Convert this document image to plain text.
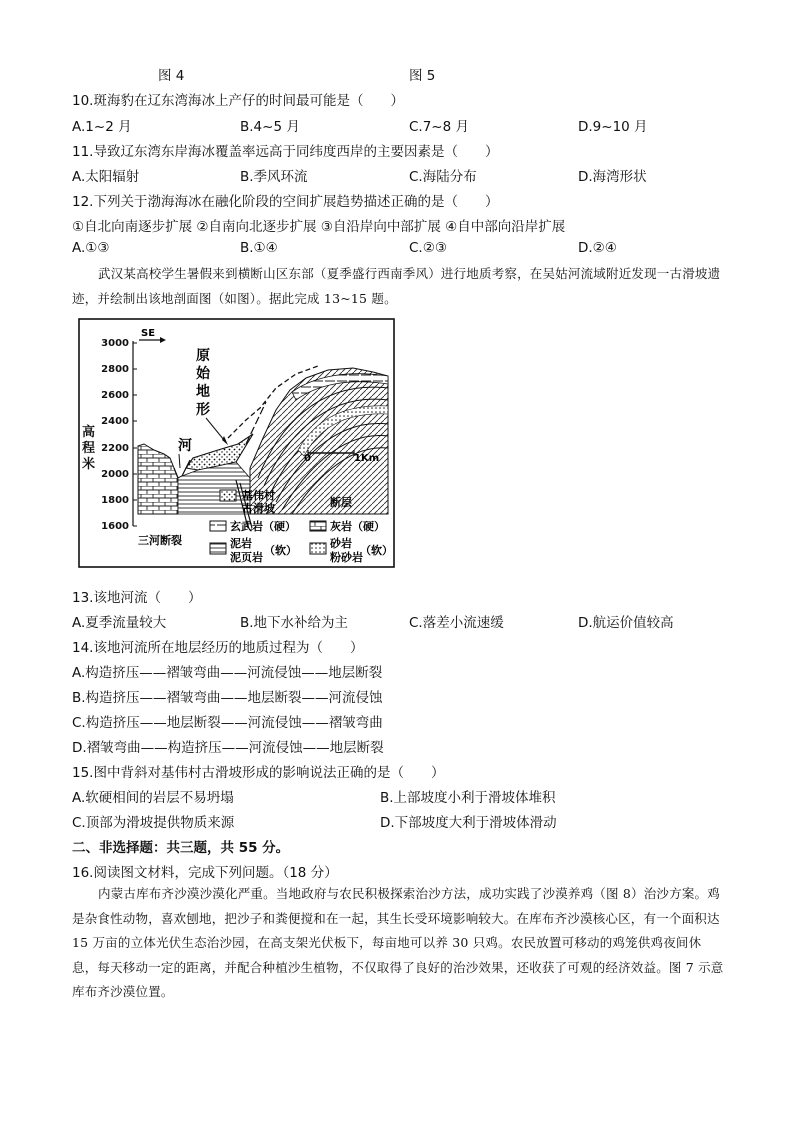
图 4	图 5
10.斑海豹在辽东湾海冰上产仔的时间最可能是（　　）
A.1~2 月	B.4~5 月	C.7~8 月	D.9~10 月
11.导致辽东湾东岸海冰覆盖率远高于同纬度西岸的主要因素是（　　）
A.太阳辐射	B.季风环流	C.海陆分布	D.海湾形状
12.下列关于渤海海冰在融化阶段的空间扩展趋势描述正确的是（　　）
①自北向南逐步扩展 ②自南向北逐步扩展 ③自沿岸向中部扩展 ④自中部向沿岸扩展
A.①③	B.①④	C.②③	D.②④
武汉某高校学生暑假来到横断山区东部（夏季盛行西南季风）进行地质考察，在吴姑河流域附近发现一古滑坡遗迹，并绘制出该地剖面图（如图）。据此完成 13~15 题。
3000
2800
2600
2400
2200
2000
1800
1600
高
程
米
SE
河
原
始
地
形
0	1Km
基伟村
古滑坡	断层
三河断裂
玄武岩（硬）	灰岩（硬）
泥岩
泥页岩
（软）
砂岩
粉砂岩
（软）
13.该地河流（　　）
A.夏季流量较大	B.地下水补给为主	C.落差小流速缓	D.航运价值较高
14.该地河流所在地层经历的地质过程为（　　）
A.构造挤压——褶皱弯曲——河流侵蚀——地层断裂
B.构造挤压——褶皱弯曲——地层断裂——河流侵蚀
C.构造挤压——地层断裂——河流侵蚀——褶皱弯曲
D.褶皱弯曲——构造挤压——河流侵蚀——地层断裂
15.图中背斜对基伟村古滑坡形成的影响说法正确的是（　　）
A.软硬相间的岩层不易坍塌	B.上部坡度小利于滑坡体堆积
C.顶部为滑坡提供物质来源	D.下部坡度大利于滑坡体滑动
二、非选择题：共三题，共 55 分。
16.阅读图文材料，完成下列问题。（18 分）
内蒙古库布齐沙漠沙漠化严重。当地政府与农民积极探索治沙方法，成功实践了沙漠养鸡（图 8）治沙方案。鸡是杂食性动物，喜欢刨地，把沙子和粪便搅和在一起，其生长受环境影响较大。在库布齐沙漠核心区，有一个面积达 15 万亩的立体光伏生态治沙园，在高支架光伏板下，每亩地可以养 30 只鸡。农民放置可移动的鸡笼供鸡夜间休息，每天移动一定的距离，并配合种植沙生植物，不仅取得了良好的治沙效果，还收获了可观的经济效益。图 7 示意库布齐沙漠位置。
